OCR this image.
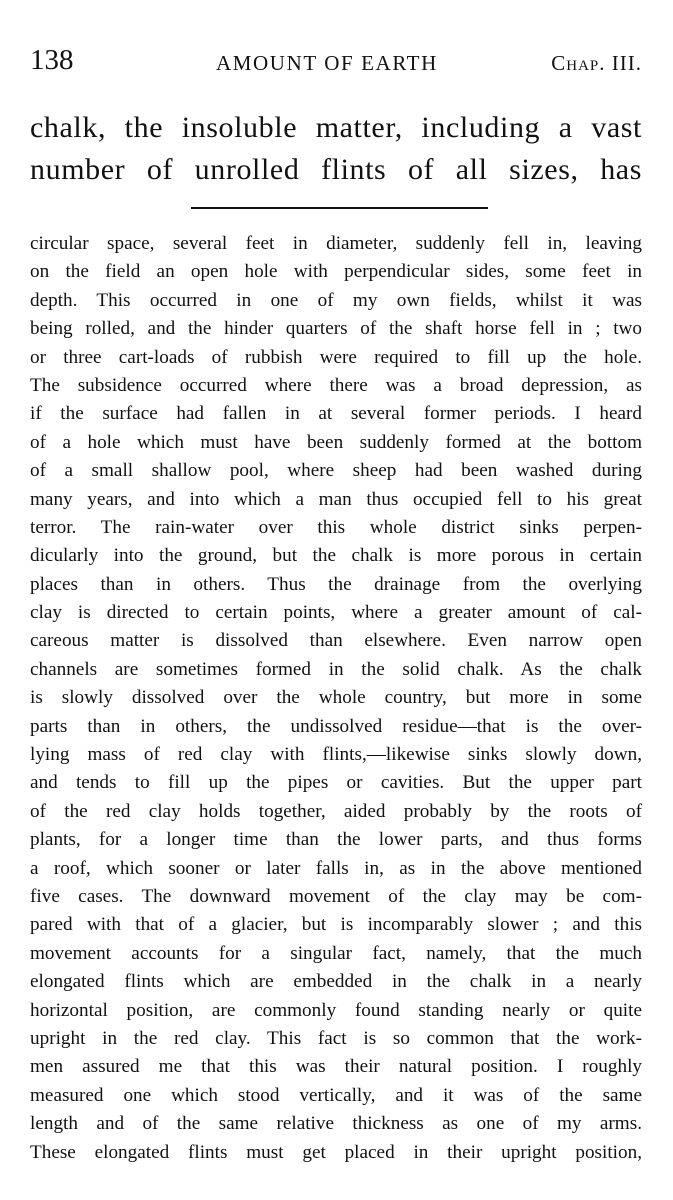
138	AMOUNT OF EARTH	Chap. III.

chalk, the insoluble matter, including a vast

number of unrolled flints of all sizes, has

circular space, several feet in diameter, suddenly fell in, leaving
on the field an open hole with perpendicular sides, some feet in
depth. This occurred in one of my own fields, whilst it was
being rolled, and the hinder quarters of the shaft horse fell in ; two
or three cart-loads of rubbish were required to fill up the hole.
The subsidence occurred where there was a broad depression, as
if the surface had fallen in at several former periods. I heard
of a hole which must have been suddenly formed at the bottom
of a small shallow pool, where sheep had been washed during
many years, and into which a man thus occupied fell to his great
terror. The rain-water over this whole district sinks perpen-
dicularly into the ground, but the chalk is more porous in certain
places than in others. Thus the drainage from the overlying
clay is directed to certain points, where a greater amount of cal-
careous matter is dissolved than elsewhere. Even narrow open
channels are sometimes formed in the solid chalk. As the chalk
is slowly dissolved over the whole country, but more in some
parts than in others, the undissolved residue—that is the over-
lying mass of red clay with flints,—likewise sinks slowly down,
and tends to fill up the pipes or cavities. But the upper part
of the red clay holds together, aided probably by the roots of
plants, for a longer time than the lower parts, and thus forms
a roof, which sooner or later falls in, as in the above mentioned
five cases. The downward movement of the clay may be com-
pared with that of a glacier, but is incomparably slower ; and this
movement accounts for a singular fact, namely, that the much
elongated flints which are embedded in the chalk in a nearly
horizontal position, are commonly found standing nearly or quite
upright in the red clay. This fact is so common that the work-
men assured me that this was their natural position. I roughly
measured one which stood vertically, and it was of the same
length and of the same relative thickness as one of my arms.
These elongated flints must get placed in their upright position,
